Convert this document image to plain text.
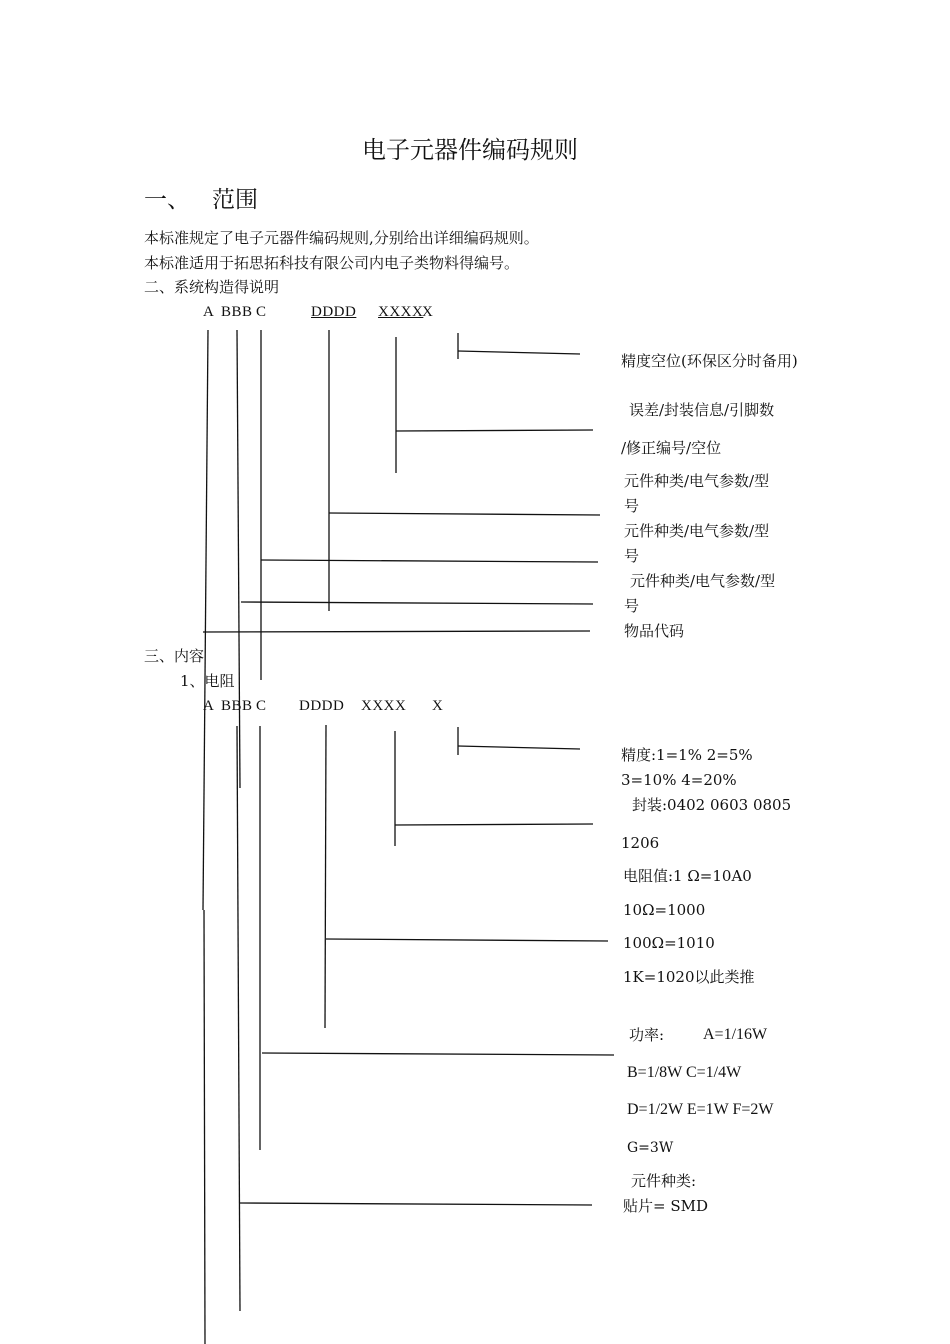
电子元器件编码规则
一、 范围
本标准规定了电子元器件编码规则,分别给出详细编码规则。
本标准适用于拓思拓科技有限公司内电子类物料得编号。
二、系统构造得说明
A BBB C	DDDD XXXX
X
精度空位(环保区分时备用)
误差/封装信息/引脚数
/修正编号/空位
元件种类/电气参数/型
号
元件种类/电气参数/型
号
元件种类/电气参数/型
号
物品代码
三、内容
1、电阻
A BBB C DDDD XXXX X
精度:1=1% 2=5%
3=10% 4=20%
封装:0402 0603 0805
1206
电阻值:1 Ω=10A0
10Ω=1000
100Ω=1010
1K=1020以此类推
功率: A=1/16W
B=1/8W C=1/4W
D=1/2W E=1W F=2W
G=3W
元件种类:
贴片= SMD
